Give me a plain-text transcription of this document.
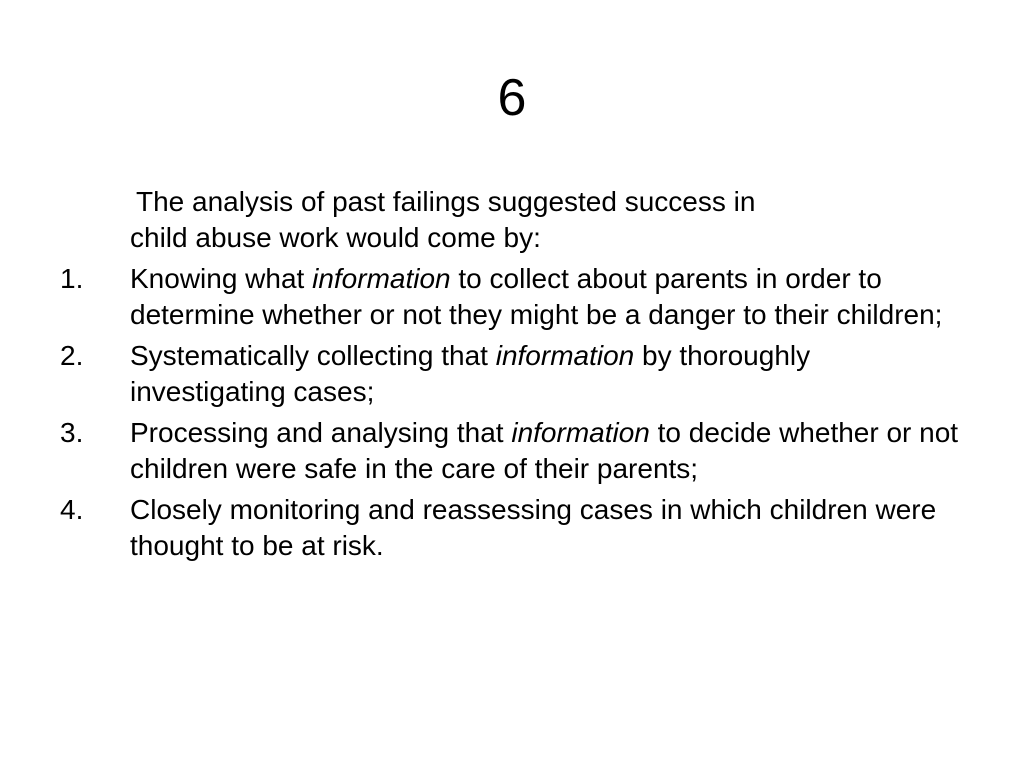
6

The analysis of past failings suggested success in
child abuse work would come by:

1. Knowing what information to collect about parents in order to determine whether or not they might be a danger to their children;
2. Systematically collecting that information by thoroughly investigating cases;
3. Processing and analysing that information to decide whether or not children were safe in the care of their parents;
4. Closely monitoring and reassessing cases in which children were thought to be at risk.
